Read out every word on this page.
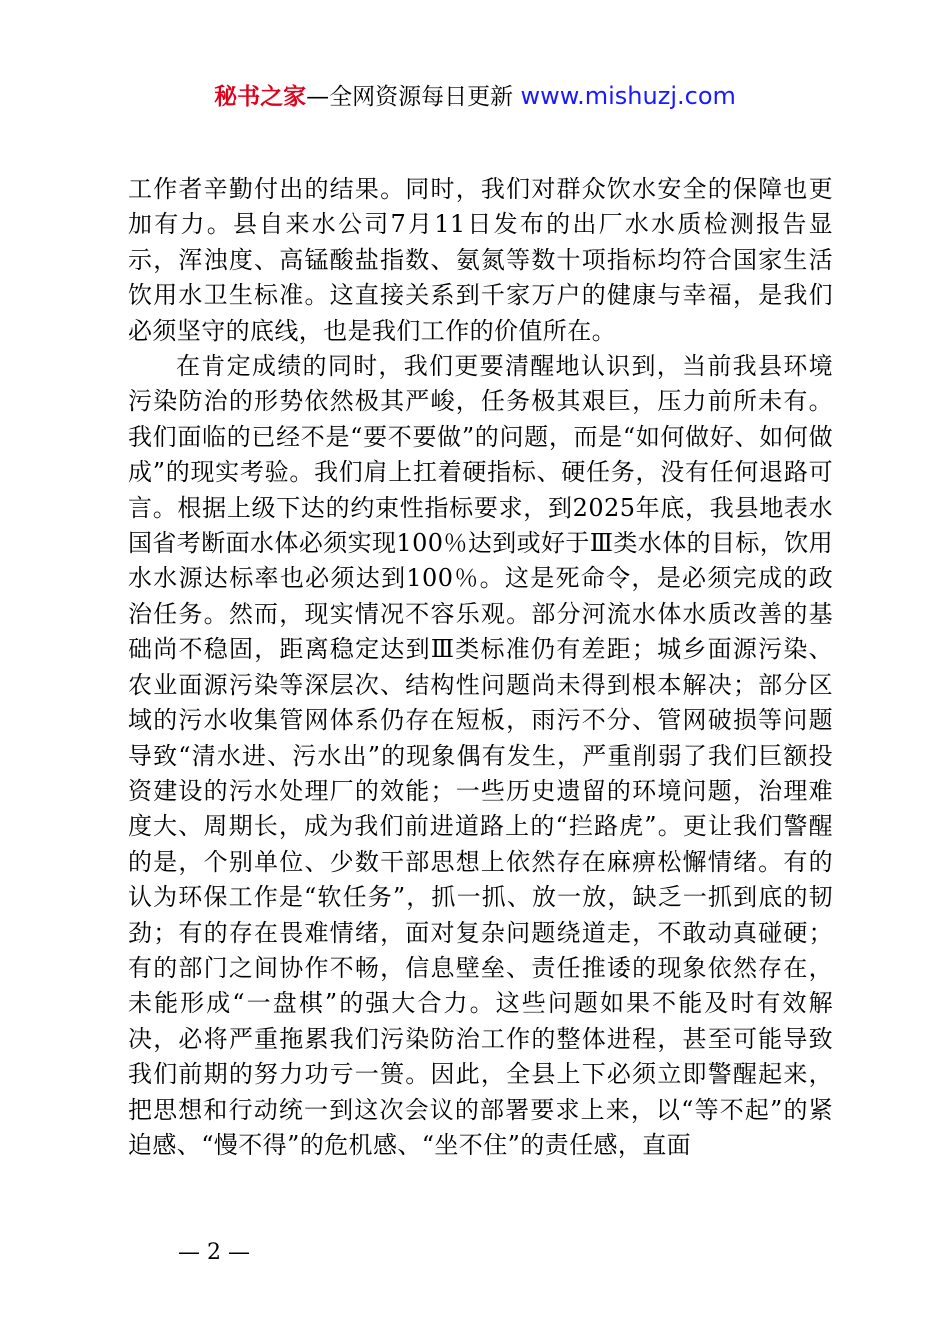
秘书之家—全网资源每日更新 www.mishuzj.com

工作者辛勤付出的结果。同时，我们对群众饮水安全的保障也更加有力。县自来水公司7月11日发布的出厂水水质检测报告显示，浑浊度、高锰酸盐指数、氨氮等数十项指标均符合国家生活饮用水卫生标准。这直接关系到千家万户的健康与幸福，是我们必须坚守的底线，也是我们工作的价值所在。

在肯定成绩的同时，我们更要清醒地认识到，当前我县环境污染防治的形势依然极其严峻，任务极其艰巨，压力前所未有。我们面临的已经不是“要不要做”的问题，而是“如何做好、如何做成”的现实考验。我们肩上扛着硬指标、硬任务，没有任何退路可言。根据上级下达的约束性指标要求，到2025年底，我县地表水国省考断面水体必须实现100％达到或好于Ⅲ类水体的目标，饮用水水源达标率也必须达到100％。这是死命令，是必须完成的政治任务。然而，现实情况不容乐观。部分河流水体水质改善的基础尚不稳固，距离稳定达到Ⅲ类标准仍有差距；城乡面源污染、农业面源污染等深层次、结构性问题尚未得到根本解决；部分区域的污水收集管网体系仍存在短板，雨污不分、管网破损等问题导致“清水进、污水出”的现象偶有发生，严重削弱了我们巨额投资建设的污水处理厂的效能；一些历史遗留的环境问题，治理难度大、周期长，成为我们前进道路上的“拦路虎”。更让我们警醒的是，个别单位、少数干部思想上依然存在麻痹松懈情绪。有的认为环保工作是“软任务”，抓一抓、放一放，缺乏一抓到底的韧劲；有的存在畏难情绪，面对复杂问题绕道走，不敢动真碰硬；有的部门之间协作不畅，信息壁垒、责任推诿的现象依然存在，未能形成“一盘棋”的强大合力。这些问题如果不能及时有效解决，必将严重拖累我们污染防治工作的整体进程，甚至可能导致我们前期的努力功亏一篑。因此，全县上下必须立即警醒起来，把思想和行动统一到这次会议的部署要求上来，以“等不起”的紧迫感、“慢不得”的危机感、“坐不住”的责任感，直面

— 2 —
